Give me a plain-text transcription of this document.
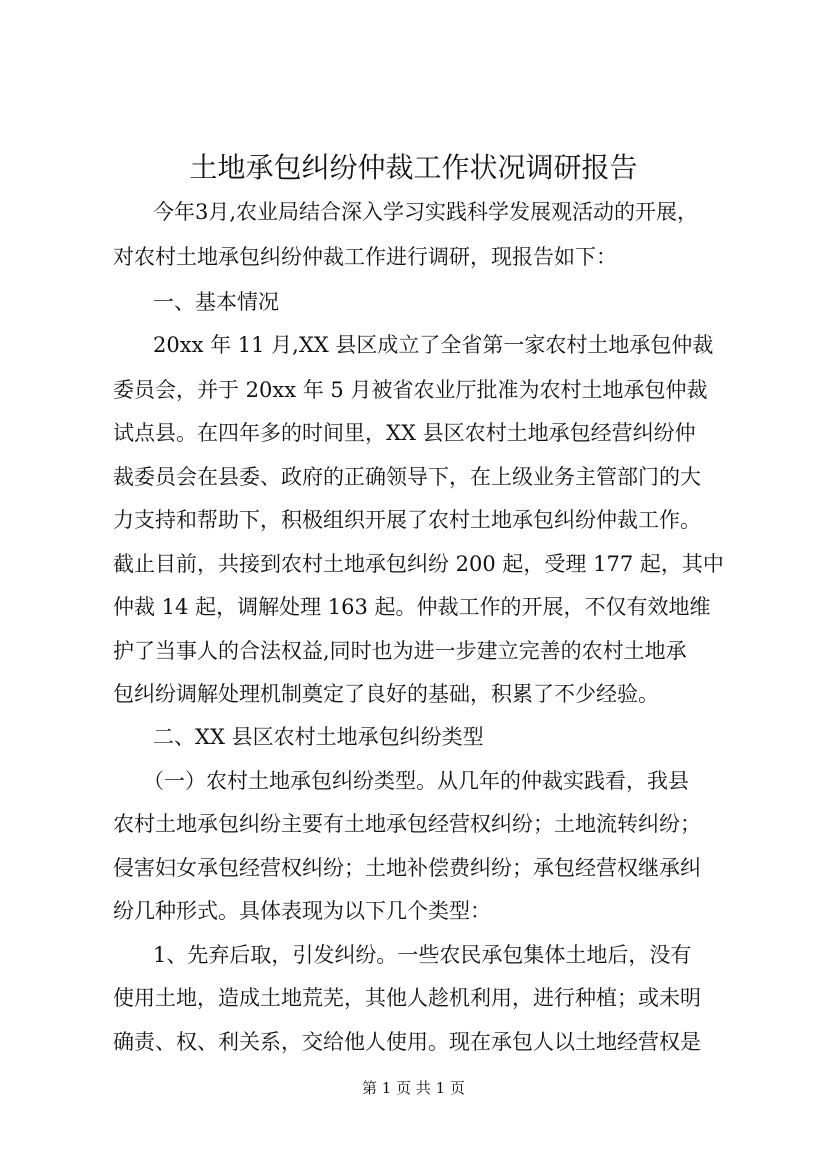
土地承包纠纷仲裁工作状况调研报告
今年3月,农业局结合深入学习实践科学发展观活动的开展，
对农村土地承包纠纷仲裁工作进行调研，现报告如下：
一、基本情况
20xx 年 11 月,XX 县区成立了全省第一家农村土地承包仲裁
委员会，并于 20xx 年 5 月被省农业厅批准为农村土地承包仲裁
试点县。在四年多的时间里，XX 县区农村土地承包经营纠纷仲
裁委员会在县委、政府的正确领导下，在上级业务主管部门的大
力支持和帮助下，积极组织开展了农村土地承包纠纷仲裁工作。
截止目前，共接到农村土地承包纠纷 200 起，受理 177 起，其中
仲裁 14 起，调解处理 163 起。仲裁工作的开展，不仅有效地维
护了当事人的合法权益,同时也为进一步建立完善的农村土地承
包纠纷调解处理机制奠定了良好的基础，积累了不少经验。
二、XX 县区农村土地承包纠纷类型
（一）农村土地承包纠纷类型。从几年的仲裁实践看，我县
农村土地承包纠纷主要有土地承包经营权纠纷；土地流转纠纷；
侵害妇女承包经营权纠纷；土地补偿费纠纷；承包经营权继承纠
纷几种形式。具体表现为以下几个类型：
1、先弃后取，引发纠纷。一些农民承包集体土地后，没有
使用土地，造成土地荒芜，其他人趁机利用，进行种植；或未明
确责、权、利关系，交给他人使用。现在承包人以土地经营权是
第 1 页 共 1 页
